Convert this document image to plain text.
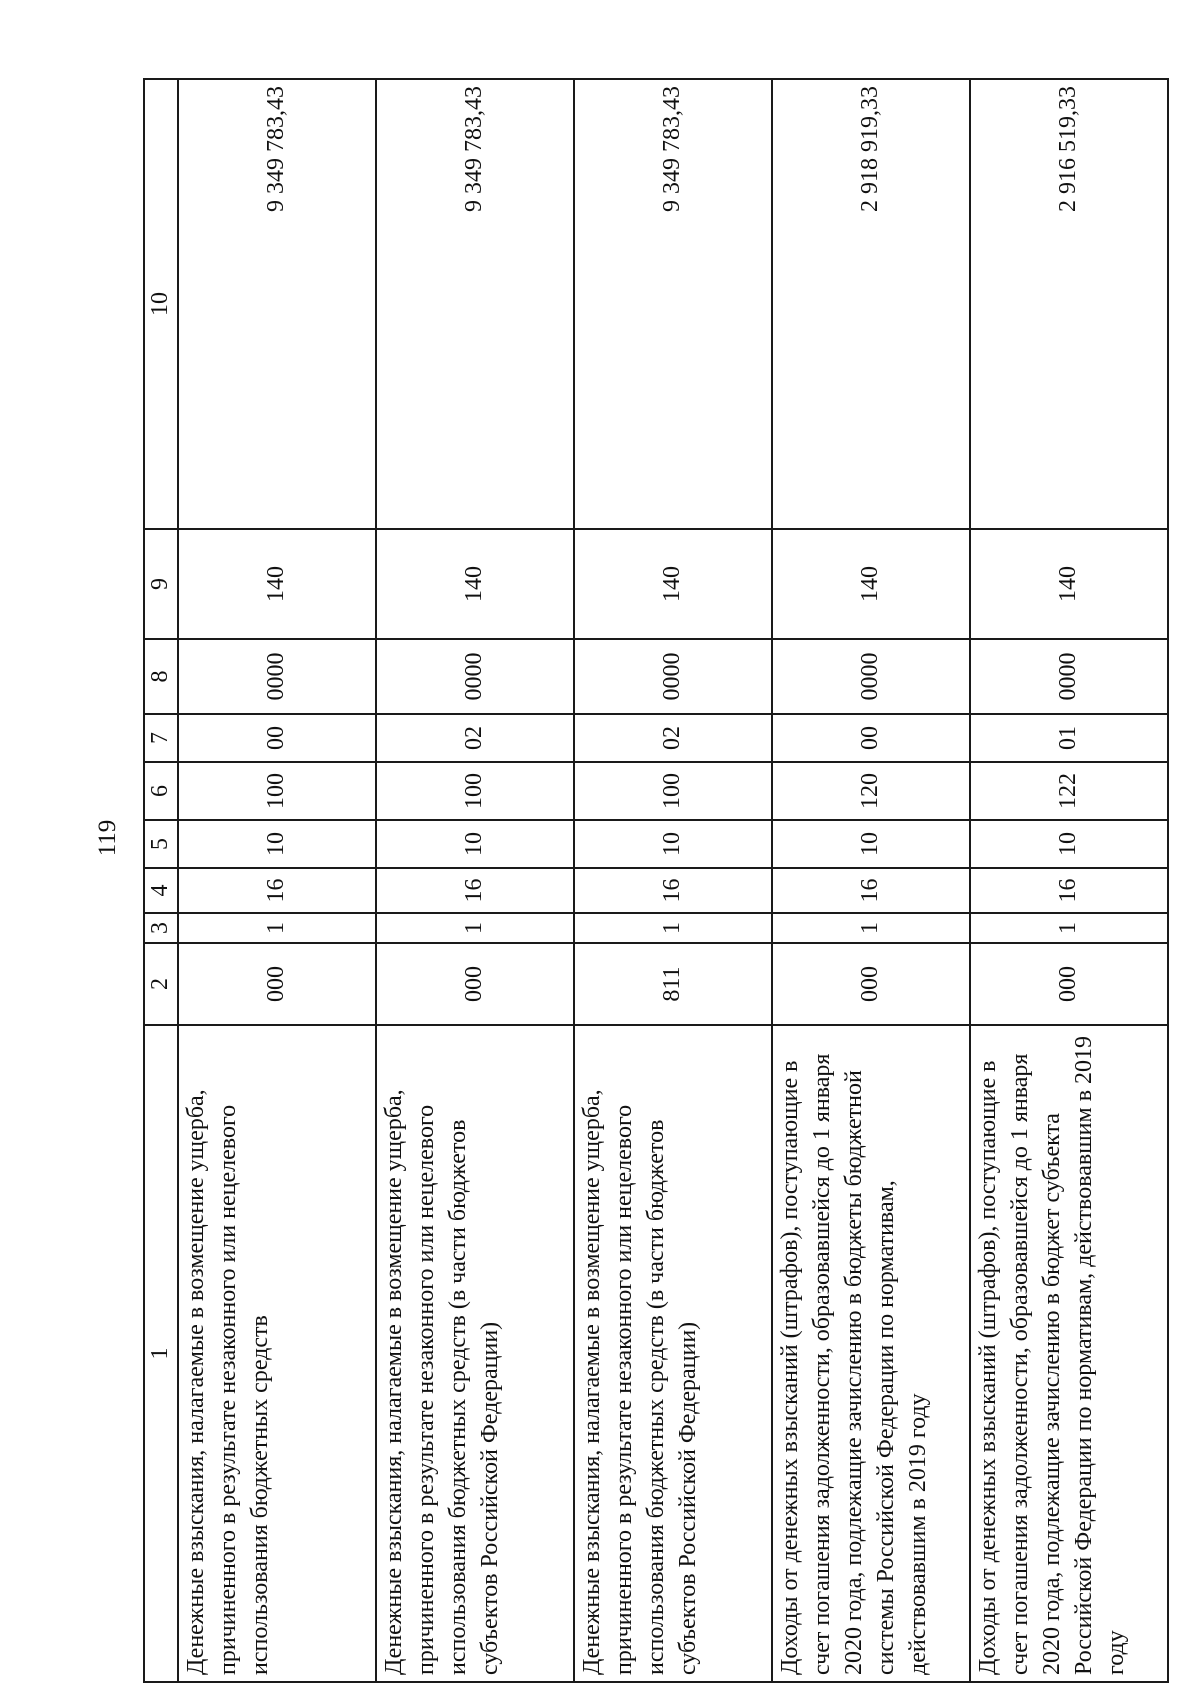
119
1	2	3	4	5	6	7	8	9	10
Денежные взыскания, налагаемые в возмещение ущерба, причиненного в результате незаконного или нецелевого использования бюджетных средств	000	1	16	10	100	00	0000	140	9 349 783,43
Денежные взыскания, налагаемые в возмещение ущерба, причиненного в результате незаконного или нецелевого использования бюджетных средств (в части бюджетов субъектов Российской Федерации)	000	1	16	10	100	02	0000	140	9 349 783,43
Денежные взыскания, налагаемые в возмещение ущерба, причиненного в результате незаконного или нецелевого использования бюджетных средств (в части бюджетов субъектов Российской Федерации)	811	1	16	10	100	02	0000	140	9 349 783,43
Доходы от денежных взысканий (штрафов), поступающие в счет погашения задолженности, образовавшейся до 1 января 2020 года, подлежащие зачислению в бюджеты бюджетной системы Российской Федерации по нормативам, действовавшим в 2019 году	000	1	16	10	120	00	0000	140	2 918 919,33
Доходы от денежных взысканий (штрафов), поступающие в счет погашения задолженности, образовавшейся до 1 января 2020 года, подлежащие зачислению в бюджет субъекта Российской Федерации по нормативам, действовавшим в 2019 году	000	1	16	10	122	01	0000	140	2 916 519,33
